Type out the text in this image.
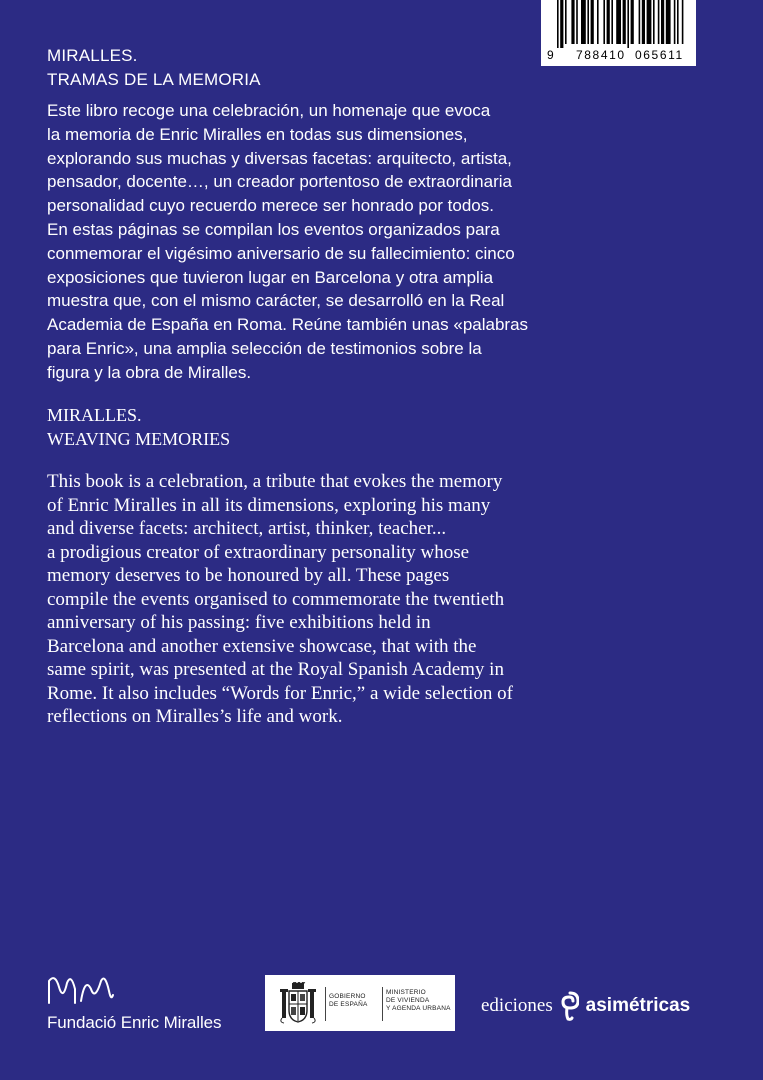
9 788410 065611
MIRALLES.
TRAMAS DE LA MEMORIA
Este libro recoge una celebración, un homenaje que evoca
la memoria de Enric Miralles en todas sus dimensiones,
explorando sus muchas y diversas facetas: arquitecto, artista,
pensador, docente…, un creador portentoso de extraordinaria
personalidad cuyo recuerdo merece ser honrado por todos.
En estas páginas se compilan los eventos organizados para
conmemorar el vigésimo aniversario de su fallecimiento: cinco
exposiciones que tuvieron lugar en Barcelona y otra amplia
muestra que, con el mismo carácter, se desarrolló en la Real
Academia de España en Roma. Reúne también unas «palabras
para Enric», una amplia selección de testimonios sobre la
figura y la obra de Miralles.
MIRALLES.
WEAVING MEMORIES
This book is a celebration, a tribute that evokes the memory
of Enric Miralles in all its dimensions, exploring his many
and diverse facets: architect, artist, thinker, teacher...
a prodigious creator of extraordinary personality whose
memory deserves to be honoured by all. These pages
compile the events organised to commemorate the twentieth
anniversary of his passing: five exhibitions held in
Barcelona and another extensive showcase, that with the
same spirit, was presented at the Royal Spanish Academy in
Rome. It also includes “Words for Enric,” a wide selection of
reflections on Miralles’s life and work.
Fundació Enric Miralles
GOBIERNO
DE ESPAÑA
MINISTERIO
DE VIVIENDA
Y AGENDA URBANA ediciones asimétricas
